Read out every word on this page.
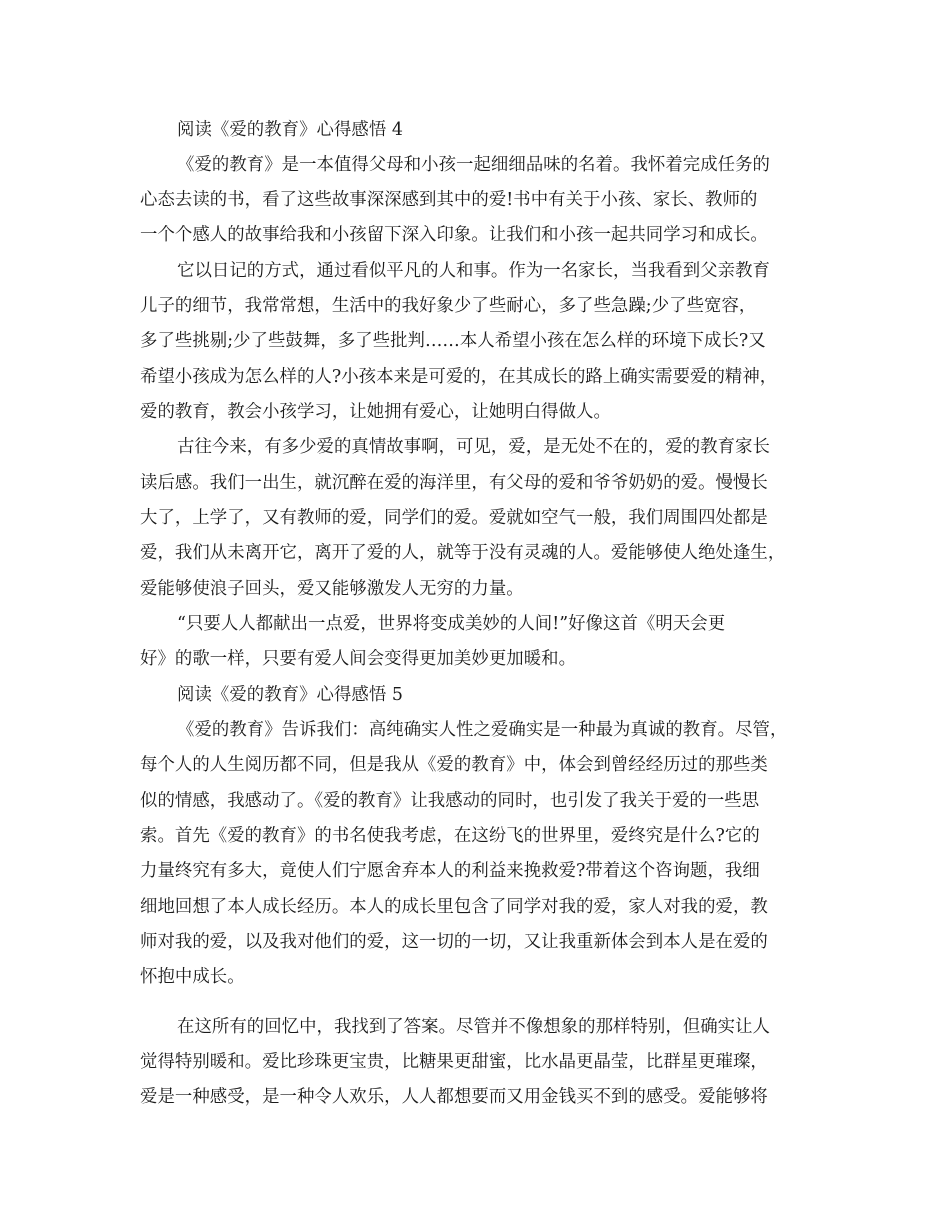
阅读《爱的教育》心得感悟 4
《爱的教育》是一本值得父母和小孩一起细细品味的名着。我怀着完成任务的
心态去读的书，看了这些故事深深感到其中的爱!书中有关于小孩、家长、教师的
一个个感人的故事给我和小孩留下深入印象。让我们和小孩一起共同学习和成长。
它以日记的方式，通过看似平凡的人和事。作为一名家长，当我看到父亲教育
儿子的细节，我常常想，生活中的我好象少了些耐心，多了些急躁;少了些宽容，
多了些挑剔;少了些鼓舞，多了些批判……本人希望小孩在怎么样的环境下成长?又
希望小孩成为怎么样的人?小孩本来是可爱的，在其成长的路上确实需要爱的精神，
爱的教育，教会小孩学习，让她拥有爱心，让她明白得做人。
古往今来，有多少爱的真情故事啊，可见，爱，是无处不在的，爱的教育家长
读后感。我们一出生，就沉醉在爱的海洋里，有父母的爱和爷爷奶奶的爱。慢慢长
大了，上学了，又有教师的爱，同学们的爱。爱就如空气一般，我们周围四处都是
爱，我们从未离开它，离开了爱的人，就等于没有灵魂的人。爱能够使人绝处逢生，
爱能够使浪子回头，爱又能够激发人无穷的力量。
“只要人人都献出一点爱，世界将变成美妙的人间!”好像这首《明天会更
好》的歌一样，只要有爱人间会变得更加美妙更加暖和。
阅读《爱的教育》心得感悟 5
《爱的教育》告诉我们：高纯确实人性之爱确实是一种最为真诚的教育。尽管，
每个人的人生阅历都不同，但是我从《爱的教育》中，体会到曾经经历过的那些类
似的情感，我感动了。《爱的教育》让我感动的同时，也引发了我关于爱的一些思
索。首先《爱的教育》的书名使我考虑，在这纷飞的世界里，爱终究是什么?它的
力量终究有多大，竟使人们宁愿舍弃本人的利益来挽救爱?带着这个咨询题，我细
细地回想了本人成长经历。本人的成长里包含了同学对我的爱，家人对我的爱，教
师对我的爱，以及我对他们的爱，这一切的一切，又让我重新体会到本人是在爱的
怀抱中成长。
在这所有的回忆中，我找到了答案。尽管并不像想象的那样特别，但确实让人
觉得特别暖和。爱比珍珠更宝贵，比糖果更甜蜜，比水晶更晶莹，比群星更璀璨，
爱是一种感受，是一种令人欢乐，人人都想要而又用金钱买不到的感受。爱能够将
